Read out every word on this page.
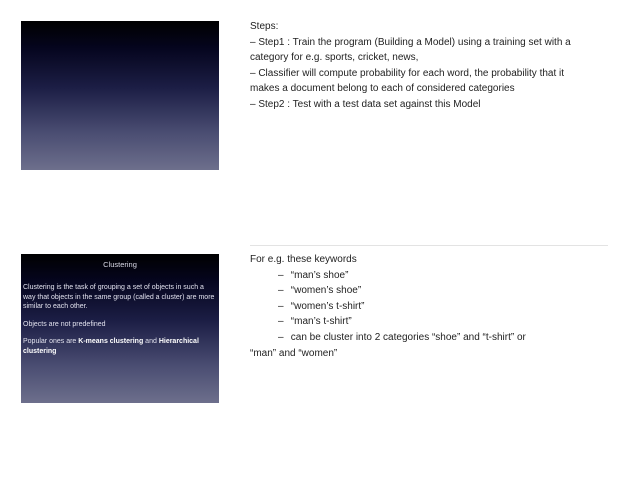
Steps:
– Step1 : Train the program (Building a Model) using a training set with a
category for e.g. sports, cricket, news,
– Classifier will compute probability for each word, the probability that it
makes a document belong to each of considered categories
– Step2 : Test with a test data set against this Model
Clustering

Clustering is the task of grouping a set of objects in such a way that objects in the same group (called a cluster) are more similar to each other.

Objects are not predefined

Popular ones are K-means clustering and Hierarchical clustering

For e.g. these keywords
– “man’s shoe”
– “women’s shoe”
– “women’s t-shirt”
– “man’s t-shirt”
– can be cluster into 2 categories “shoe” and “t-shirt” or
“man” and “women”
